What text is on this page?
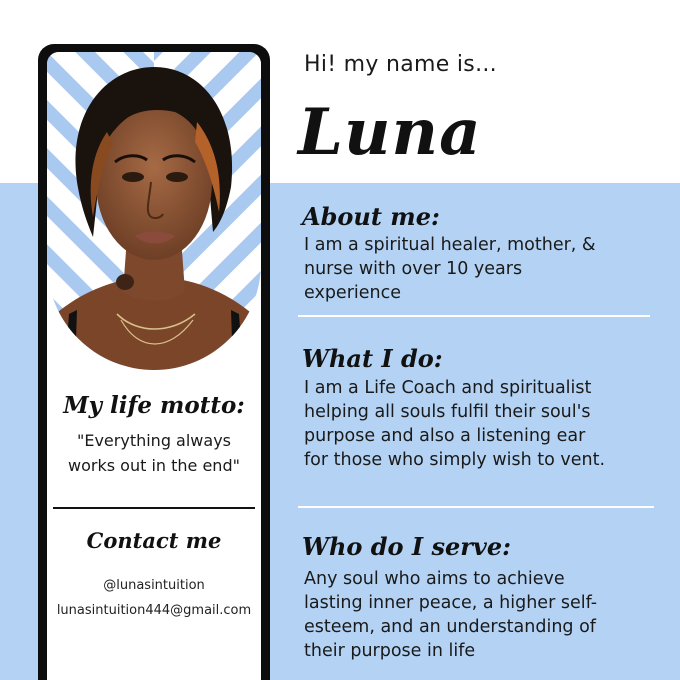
Hi! my name is...
Luna
About me:
I am a spiritual healer, mother, &
nurse with over 10 years
experience
What I do:
I am a Life Coach and spiritualist
helping all souls fulfil their soul's
purpose and also a listening ear
for those who simply wish to vent.
Who do I serve:
Any soul who aims to achieve
lasting inner peace, a higher self-
esteem, and an understanding of
their purpose in life
My life motto:
"Everything always
works out in the end"
Contact me
@lunasintuition
lunasintuition444@gmail.com
